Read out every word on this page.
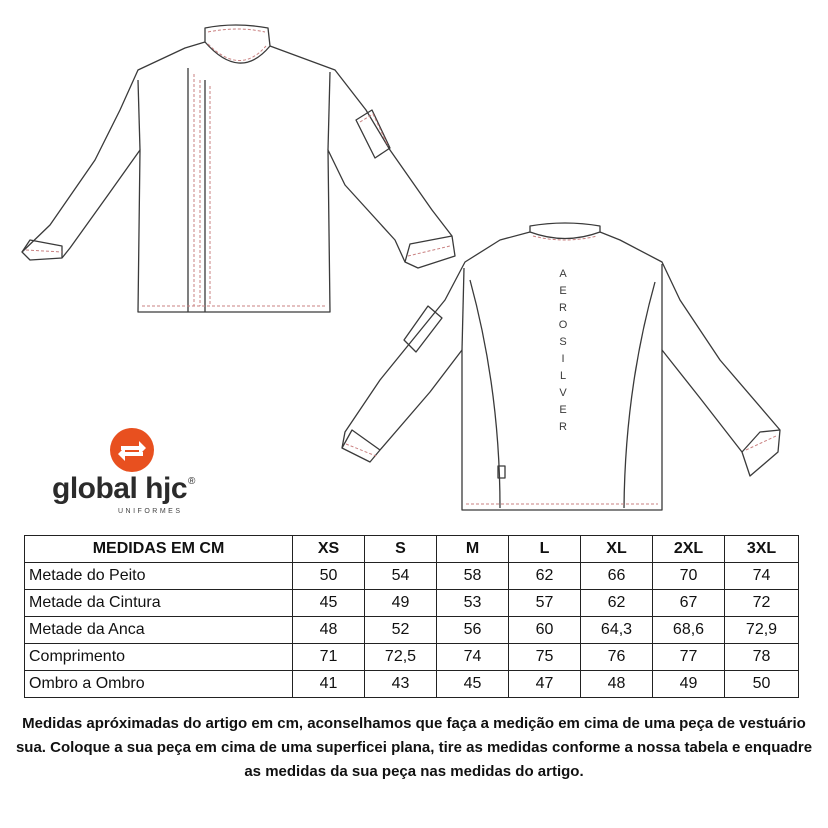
AEROSILVER
global hjc®
UNIFORMES
MEDIDAS EM CM	XS	S	M	L	XL	2XL	3XL
Metade do Peito	50	54	58	62	66	70	74
Metade da Cintura	45	49	53	57	62	67	72
Metade da Anca	48	52	56	60	64,3	68,6	72,9
Comprimento	71	72,5	74	75	76	77	78
Ombro a Ombro	41	43	45	47	48	49	50
Medidas apróximadas do artigo em cm, aconselhamos que faça a medição em cima de uma peça de vestuário sua. Coloque a sua peça em cima de uma superficei plana, tire as medidas conforme a nossa tabela e enquadre as medidas da sua peça nas medidas do artigo.
